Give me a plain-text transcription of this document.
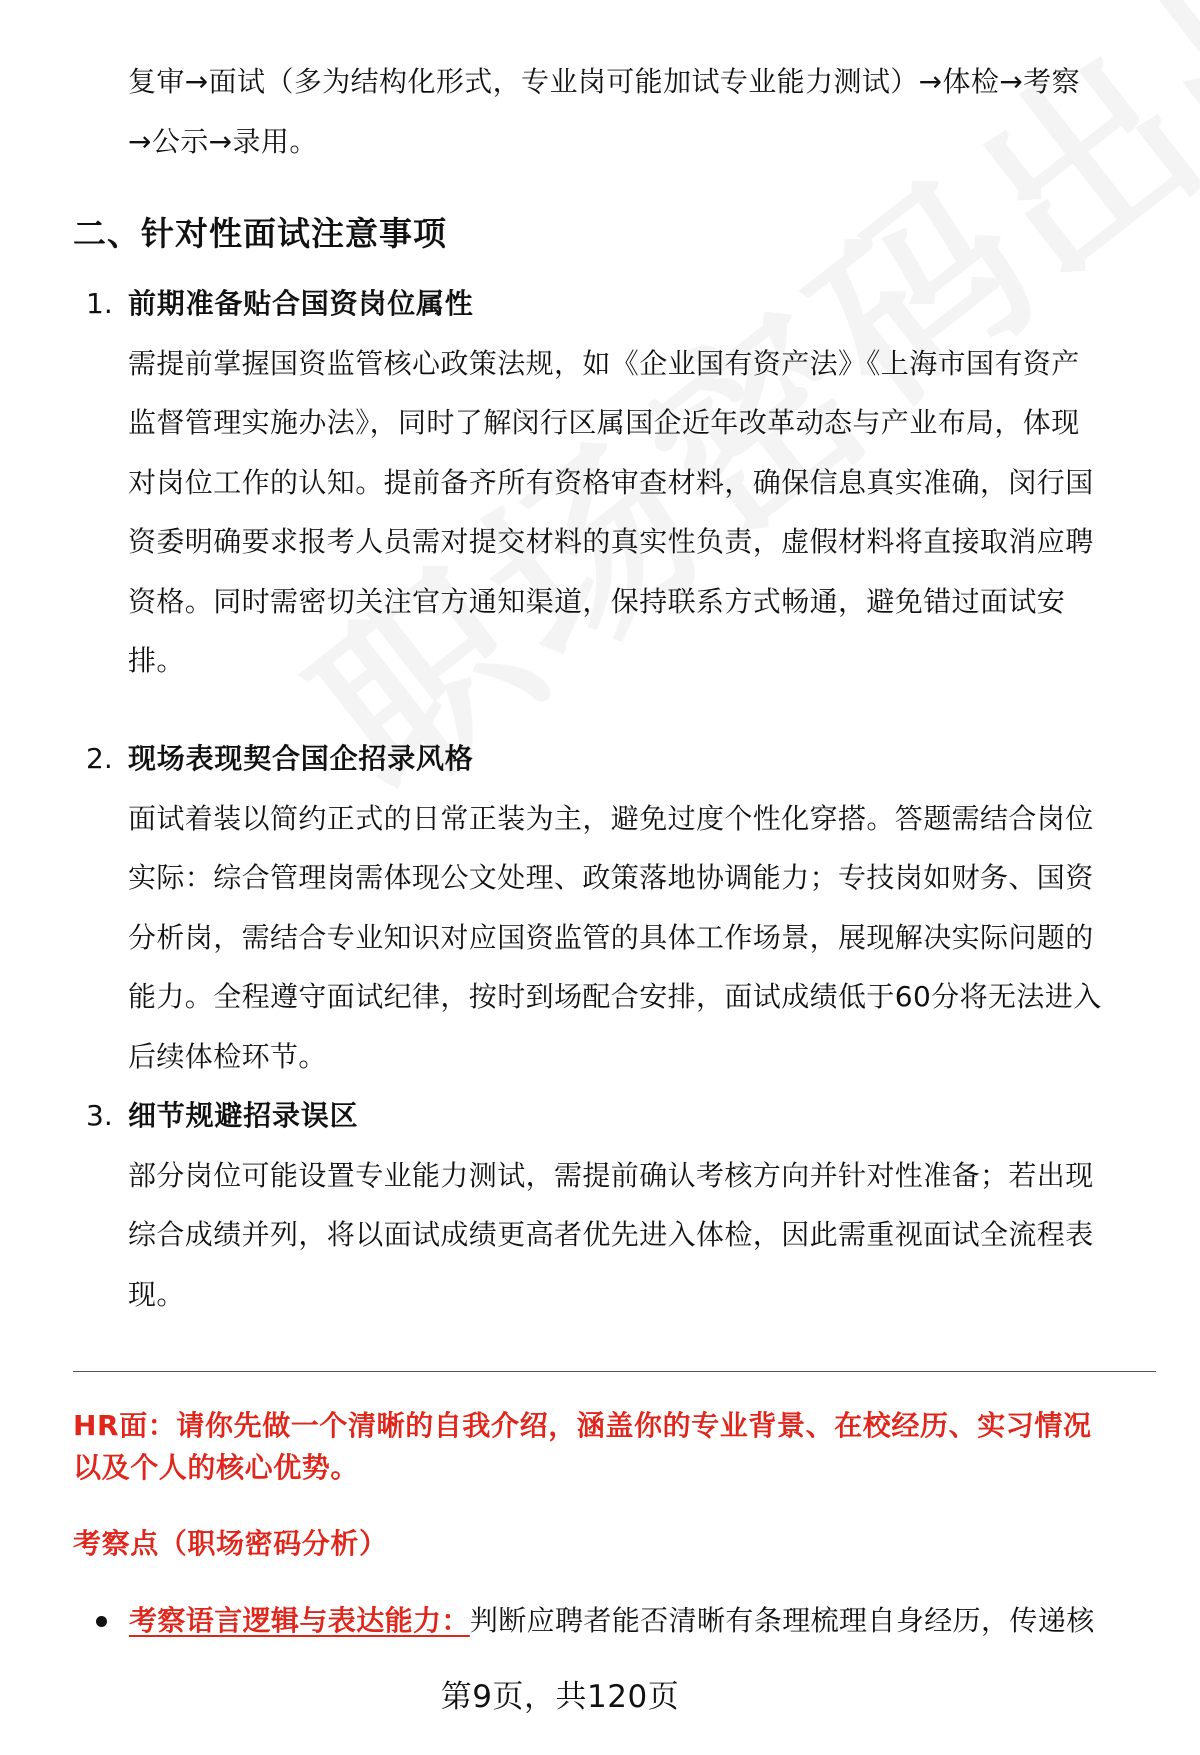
复审→面试（多为结构化形式，专业岗可能加试专业能力测试）→体检→考察
→公示→录用。
二、针对性面试注意事项
1. 前期准备贴合国资岗位属性
需提前掌握国资监管核心政策法规，如《企业国有资产法》《上海市国有资产
监督管理实施办法》，同时了解闵行区属国企近年改革动态与产业布局，体现
对岗位工作的认知。提前备齐所有资格审查材料，确保信息真实准确，闵行国
资委明确要求报考人员需对提交材料的真实性负责，虚假材料将直接取消应聘
资格。同时需密切关注官方通知渠道，保持联系方式畅通，避免错过面试安
排。
2. 现场表现契合国企招录风格
面试着装以简约正式的日常正装为主，避免过度个性化穿搭。答题需结合岗位
实际：综合管理岗需体现公文处理、政策落地协调能力；专技岗如财务、国资
分析岗，需结合专业知识对应国资监管的具体工作场景，展现解决实际问题的
能力。全程遵守面试纪律，按时到场配合安排，面试成绩低于60分将无法进入
后续体检环节。
3. 细节规避招录误区
部分岗位可能设置专业能力测试，需提前确认考核方向并针对性准备；若出现
综合成绩并列，将以面试成绩更高者优先进入体检，因此需重视面试全流程表
现。
HR面：请你先做一个清晰的自我介绍，涵盖你的专业背景、在校经历、实习情况
以及个人的核心优势。
考察点（职场密码分析）
考察语言逻辑与表达能力： 判断应聘者能否清晰有条理梳理自身经历，传递核
第9页，共120页
